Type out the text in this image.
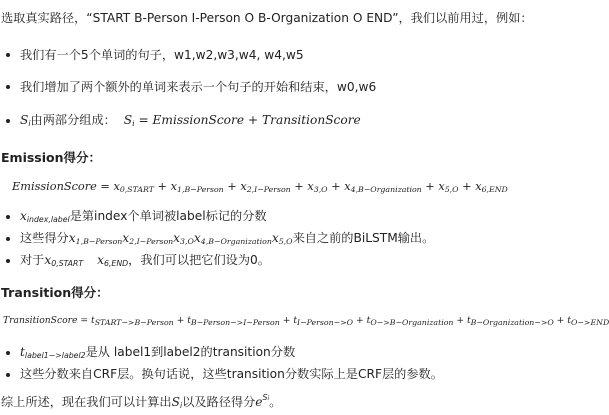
选取真实路径，“START B-Person I-Person O B-Organization O END”，我们以前用过，例如：
我们有一个5个单词的句子，w1,w2,w3,w4, w4,w5
我们增加了两个额外的单词来表示一个句子的开始和结束，w0,w6
$S_i$由两部分组成： $S_i$ = EmissionScore + TransitionScore
Emission得分：
EmissionScore = $x_{0,START} + x_{1,B-Person} + x_{2,I-Person} + x_{3,O} + x_{4,B-Organization} + x_{5,O} + x_{6,END}$
$x_{index,label}$是第index个单词被label标记的分数
这些得分$x_{1,B-Person}x_{2,I-Person}x_{3,O}x_{4,B-Organization}x_{5,O}$来自之前的BiLSTM输出。
对于$x_{0,START}$ $x_{6,END}$，我们可以把它们设为0。
Transition得分：
TransitionScore = $t_{START->B-Person} + t_{B-Person->I-Person} + t_{I-Person->O} + t_{O->B-Organization} + t_{B-Organization->O} + t_{O->END}$
$t_{label1->label2}$是从 label1到label2的transition分数
这些分数来自CRF层。换句话说，这些transition分数实际上是CRF层的参数。
综上所述，现在我们可以计算出$S_i$以及路径得分$e^{Si}$。
